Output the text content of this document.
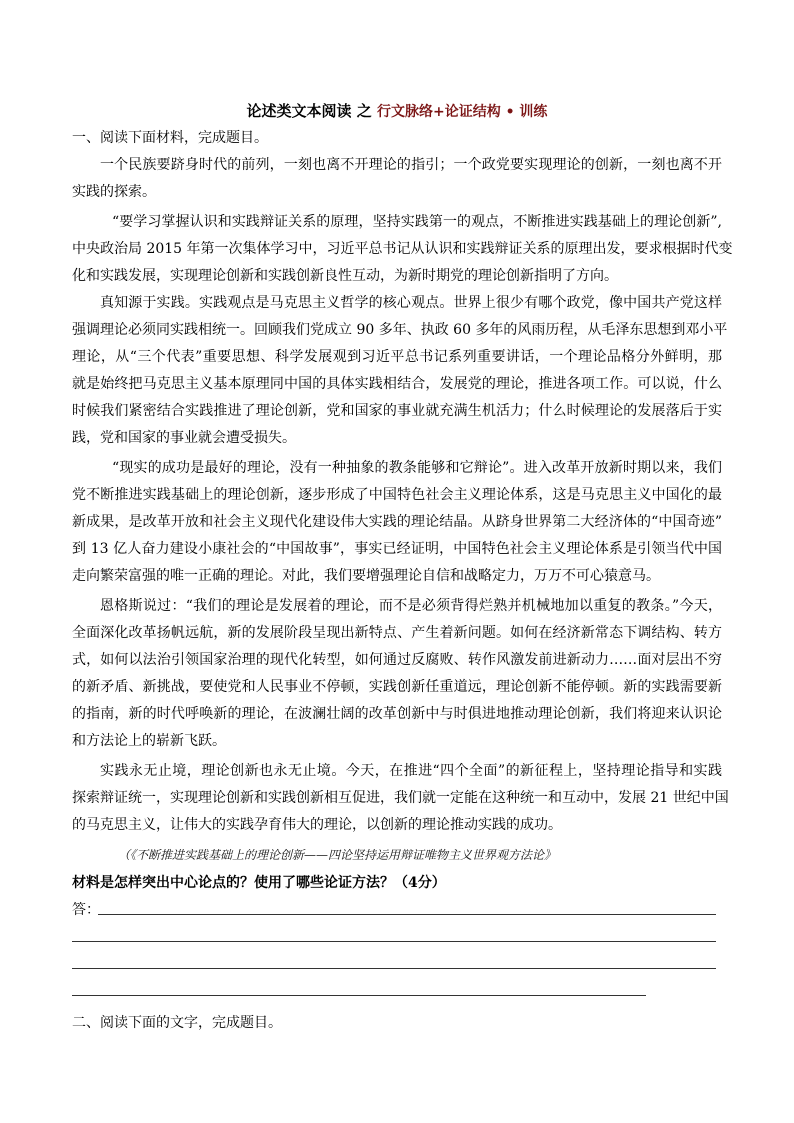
论述类文本阅读 之 行文脉络+论证结构 • 训练
一、阅读下面材料，完成题目。
一个民族要跻身时代的前列，一刻也离不开理论的指引；一个政党要实现理论的创新，一刻也离不开
实践的探索。
“要学习掌握认识和实践辩证关系的原理，坚持实践第一的观点，不断推进实践基础上的理论创新”,
中央政治局 2015 年第一次集体学习中，习近平总书记从认识和实践辩证关系的原理出发，要求根据时代变
化和实践发展，实现理论创新和实践创新良性互动，为新时期党的理论创新指明了方向。
真知源于实践。实践观点是马克思主义哲学的核心观点。世界上很少有哪个政党，像中国共产党这样
强调理论必须同实践相统一。回顾我们党成立 90 多年、执政 60 多年的风雨历程，从毛泽东思想到邓小平
理论，从“三个代表”重要思想、科学发展观到习近平总书记系列重要讲话，一个理论品格分外鲜明，那
就是始终把马克思主义基本原理同中国的具体实践相结合，发展党的理论，推进各项工作。可以说，什么
时候我们紧密结合实践推进了理论创新，党和国家的事业就充满生机活力；什么时候理论的发展落后于实
践，党和国家的事业就会遭受损失。
“现实的成功是最好的理论，没有一种抽象的教条能够和它辩论”。进入改革开放新时期以来，我们
党不断推进实践基础上的理论创新，逐步形成了中国特色社会主义理论体系，这是马克思主义中国化的最
新成果，是改革开放和社会主义现代化建设伟大实践的理论结晶。从跻身世界第二大经济体的“中国奇迹”
到 13 亿人奋力建设小康社会的“中国故事”，事实已经证明，中国特色社会主义理论体系是引领当代中国
走向繁荣富强的唯一正确的理论。对此，我们要增强理论自信和战略定力，万万不可心猿意马。
恩格斯说过：“我们的理论是发展着的理论，而不是必须背得烂熟并机械地加以重复的教条。”今天，
全面深化改革扬帆远航，新的发展阶段呈现出新特点、产生着新问题。如何在经济新常态下调结构、转方
式，如何以法治引领国家治理的现代化转型，如何通过反腐败、转作风激发前进新动力……面对层出不穷
的新矛盾、新挑战，要使党和人民事业不停顿，实践创新任重道远，理论创新不能停顿。新的实践需要新
的指南，新的时代呼唤新的理论，在波澜壮阔的改革创新中与时俱进地推动理论创新，我们将迎来认识论
和方法论上的崭新飞跃。
实践永无止境，理论创新也永无止境。今天，在推进“四个全面”的新征程上，坚持理论指导和实践
探索辩证统一，实现理论创新和实践创新相互促进，我们就一定能在这种统一和互动中，发展 21 世纪中国
的马克思主义，让伟大的实践孕育伟大的理论，以创新的理论推动实践的成功。
（《不断推进实践基础上的理论创新——四论坚持运用辩证唯物主义世界观方法论》
材料是怎样突出中心论点的？使用了哪些论证方法？（4分）
答：
二、阅读下面的文字，完成题目。
